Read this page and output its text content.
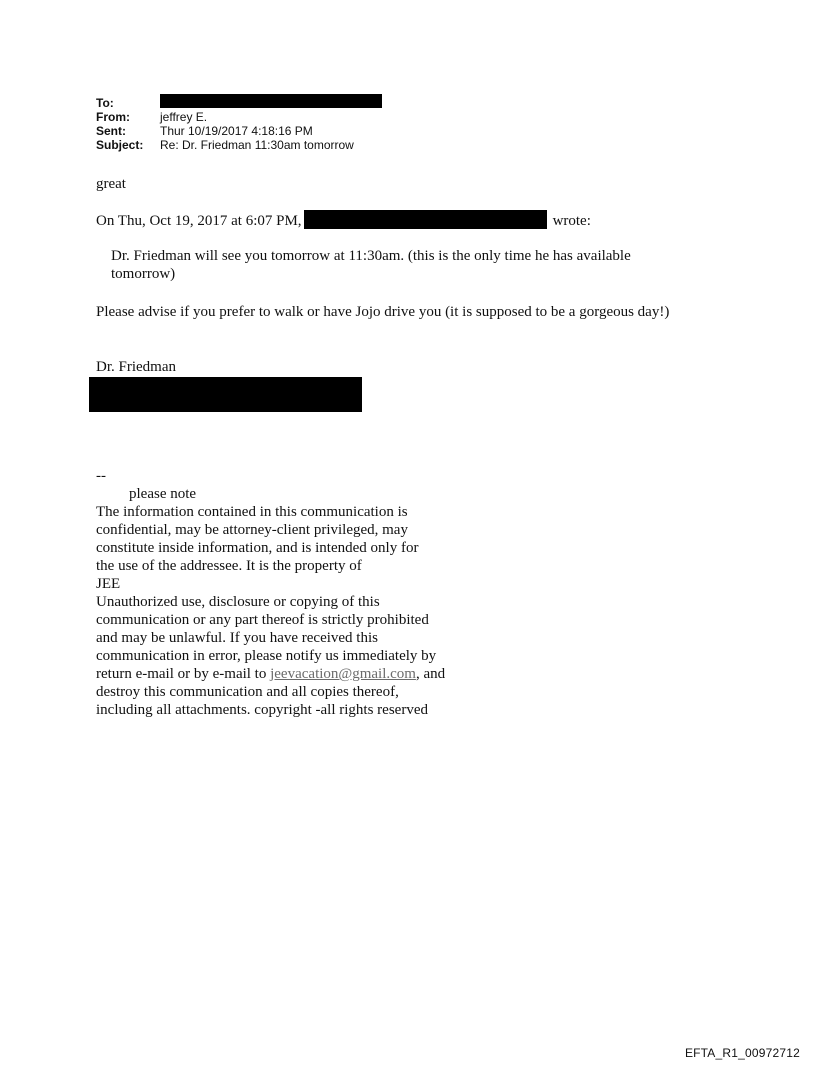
To:
From:	jeffrey E.
Sent:	Thur 10/19/2017 4:18:16 PM
Subject:	Re: Dr. Friedman 11:30am tomorrow
great
On Thu, Oct 19, 2017 at 6:07 PM,	wrote:
Dr. Friedman will see you tomorrow at 11:30am. (this is the only time he has available tomorrow)
Please advise if you prefer to walk or have Jojo drive you (it is supposed to be a gorgeous day!)
Dr. Friedman
--
please note
The information contained in this communication is
confidential, may be attorney-client privileged, may
constitute inside information, and is intended only for
the use of the addressee. It is the property of
JEE
Unauthorized use, disclosure or copying of this
communication or any part thereof is strictly prohibited
and may be unlawful. If you have received this
communication in error, please notify us immediately by
return e-mail or by e-mail to jeevacation@gmail.com, and
destroy this communication and all copies thereof,
including all attachments. copyright -all rights reserved
EFTA_R1_00972712
